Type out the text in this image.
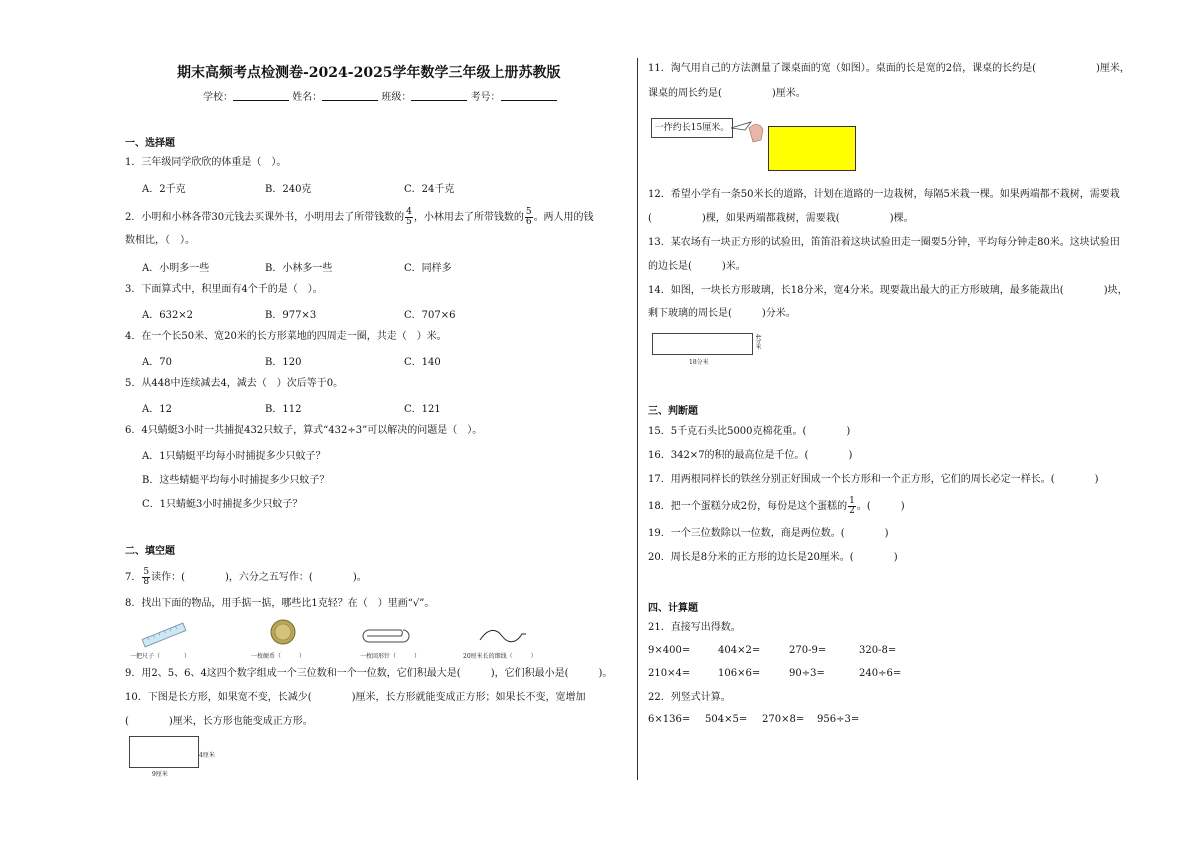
期末高频考点检测卷-2024-2025学年数学三年级上册苏教版
学校：	姓名：	班级：	考号：
一、选择题
1．三年级同学欣欣的体重是（　）。
A．2千克	B．240克	C．24千克
2．小明和小林各带30元钱去买课外书，小明用去了所带钱数的 $\frac{4}{5}$ ，小林用去了所带钱数的 $\frac{5}{6}$ 。两人用的钱
数相比，（　）。
A．小明多一些	B．小林多一些	C．同样多
3．下面算式中，积里面有4个千的是（　）。
A．632×2	B．977×3	C．707×6
4．在一个长50米、宽20米的长方形菜地的四周走一圈，共走（　）米。
A．70	B．120	C．140
5．从448中连续减去4，减去（　）次后等于0。
A．12	B．112	C．121
6．4只蜻蜓3小时一共捕捉432只蚊子，算式“432÷3”可以解决的问题是（　）。
A．1只蜻蜓平均每小时捕捉多少只蚊子？
B．这些蜻蜓平均每小时捕捉多少只蚊子？
C．1只蜻蜓3小时捕捉多少只蚊子？
二、填空题
7． $\frac{5}{8}$ 读作：(　　　　)，六分之五写作：(　　　　)。
8．找出下面的物品，用手掂一掂，哪些比1克轻？在（　）里画“√”。
一把尺子（　　　　）	一枚硬币（　　　）	一枚回形针（　　　）	20厘米长的细线（　　　）
9．用2、5、6、4这四个数字组成一个三位数和一个一位数，它们积最大是(　　　)，它们积最小是(　　　)。
10．下图是长方形，如果宽不变，长减少(　　　　)厘米，长方形就能变成正方形；如果长不变，宽增加
(　　　　)厘米，长方形也能变成正方形。
4厘米
9厘米
11．淘气用自己的方法测量了课桌面的宽（如图）。桌面的长是宽的2倍，课桌的长约是(　　　　　　)厘米，
课桌的周长约是(　　　　　)厘米。
一拃约长15厘米。
12．希望小学有一条50米长的道路，计划在道路的一边栽树，每隔5米栽一棵。如果两端都不栽树，需要栽
(　　　　　)棵，如果两端都栽树，需要栽(　　　　　)棵。
13．某农场有一块正方形的试验田，笛笛沿着这块试验田走一圈要5分钟，平均每分钟走80米。这块试验田
的边长是(　　　)米。
14．如图，一块长方形玻璃，长18分米，宽4分米。现要裁出最大的正方形玻璃，最多能裁出(　　　　)块，
剩下玻璃的周长是(　　　)分米。
4分米
18分米
三、判断题
15．5千克石头比5000克棉花重。(　　　　)
16．342×7的积的最高位是千位。(　　　　)
17．用两根同样长的铁丝分别正好围成一个长方形和一个正方形，它们的周长必定一样长。(　　　　)
18．把一个蛋糕分成2份，每份是这个蛋糕的 $\frac{1}{2}$ 。(　　　)
19．一个三位数除以一位数，商是两位数。(　　　　)
20．周长是8分米的正方形的边长是20厘米。(　　　　)
四、计算题
21．直接写出得数。
9×400=	404×2=	270-9=	320-8=
210×4=	106×6=	90÷3=	240÷6=
22．列竖式计算。
6×136= 504×5= 270×8= 956÷3=
